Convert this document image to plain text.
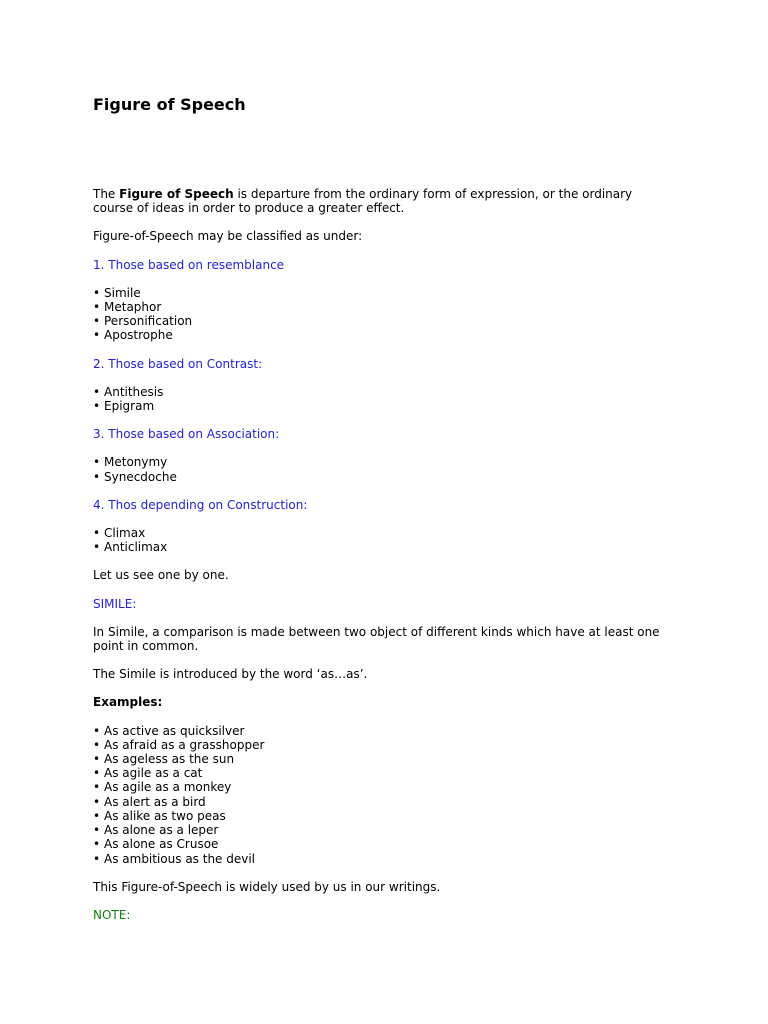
Figure of Speech

The Figure of Speech is departure from the ordinary form of expression, or the ordinary course of ideas in order to produce a greater effect.

Figure-of-Speech may be classified as under:

1. Those based on resemblance

• Simile
• Metaphor
• Personification
• Apostrophe

2. Those based on Contrast:

• Antithesis
• Epigram

3. Those based on Association:

• Metonymy
• Synecdoche

4. Thos depending on Construction:

• Climax
• Anticlimax

Let us see one by one.

SIMILE:

In Simile, a comparison is made between two object of different kinds which have at least one point in common.

The Simile is introduced by the word ‘as…as’.

Examples:

• As active as quicksilver
• As afraid as a grasshopper
• As ageless as the sun
• As agile as a cat
• As agile as a monkey
• As alert as a bird
• As alike as two peas
• As alone as a leper
• As alone as Crusoe
• As ambitious as the devil

This Figure-of-Speech is widely used by us in our writings.

NOTE:
